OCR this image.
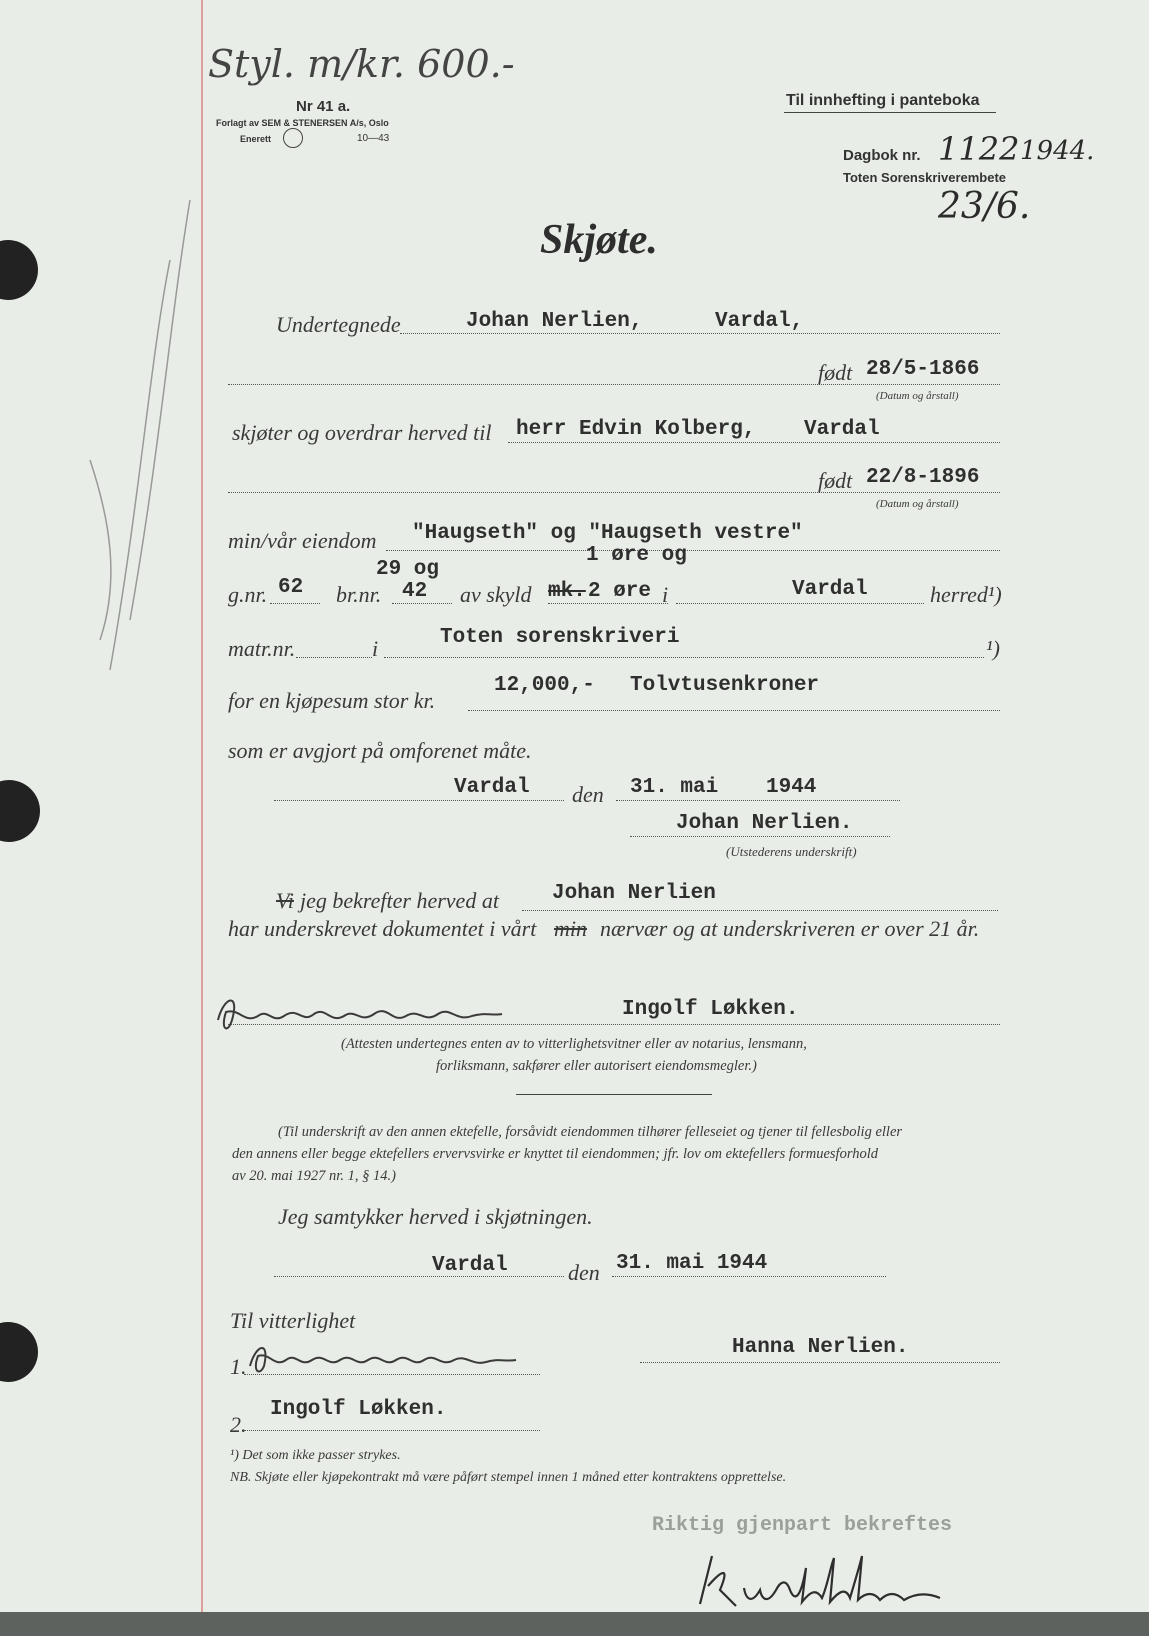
Styl. m/kr. 600.-
Nr 41 a.
Forlagt av SEM & STENERSEN A/s, Oslo
Enerett	10—43
Til innhefting i panteboka
Dagbok nr. 1122 1944.
Toten Sorenskriverembete
23/6.
Skjøte.
Undertegnede	Johan Nerlien,	Vardal,
født 28/5-1866
(Datum og årstall)
skjøter og overdrar herved til herr Edvin Kolberg, Vardal
født 22/8-1896
(Datum og årstall)
min/vår eiendom "Haugseth" og "Haugseth vestre"
g.nr. 62 br.nr.
29 og
42 av skyld
1 øre og
mk. 2 øre i	Vardal	herred¹)
matr.nr.	i	Toten sorenskriveri	¹)
for en kjøpesum stor kr.
12,000,- Tolvtusenkroner
som er avgjort på omforenet måte.
Vardal den 31. mai 1944
Johan Nerlien.
(Utstederens underskrift)
Vi jeg bekrefter herved at	Johan Nerlien
har underskrevet dokumentet i vårt min nærvær og at underskriveren er over 21 år.
Ingolf Løkken.
(Attesten undertegnes enten av to vitterlighetsvitner eller av notarius, lensmann,
forliksmann, sakfører eller autorisert eiendomsmegler.)
(Til underskrift av den annen ektefelle, forsåvidt eiendommen tilhører felleseiet og tjener til fellesbolig eller
den annens eller begge ektefellers ervervsvirke er knyttet til eiendommen; jfr. lov om ektefellers formuesforhold
av 20. mai 1927 nr. 1, § 14.)
Jeg samtykker herved i skjøtningen.
Vardal	den 31. mai 1944
Til vitterlighet
1.
Hanna Nerlien.
2.
Ingolf Løkken.
¹) Det som ikke passer strykes.
NB. Skjøte eller kjøpekontrakt må være påført stempel innen 1 måned etter kontraktens opprettelse.
Riktig gjenpart bekreftes
